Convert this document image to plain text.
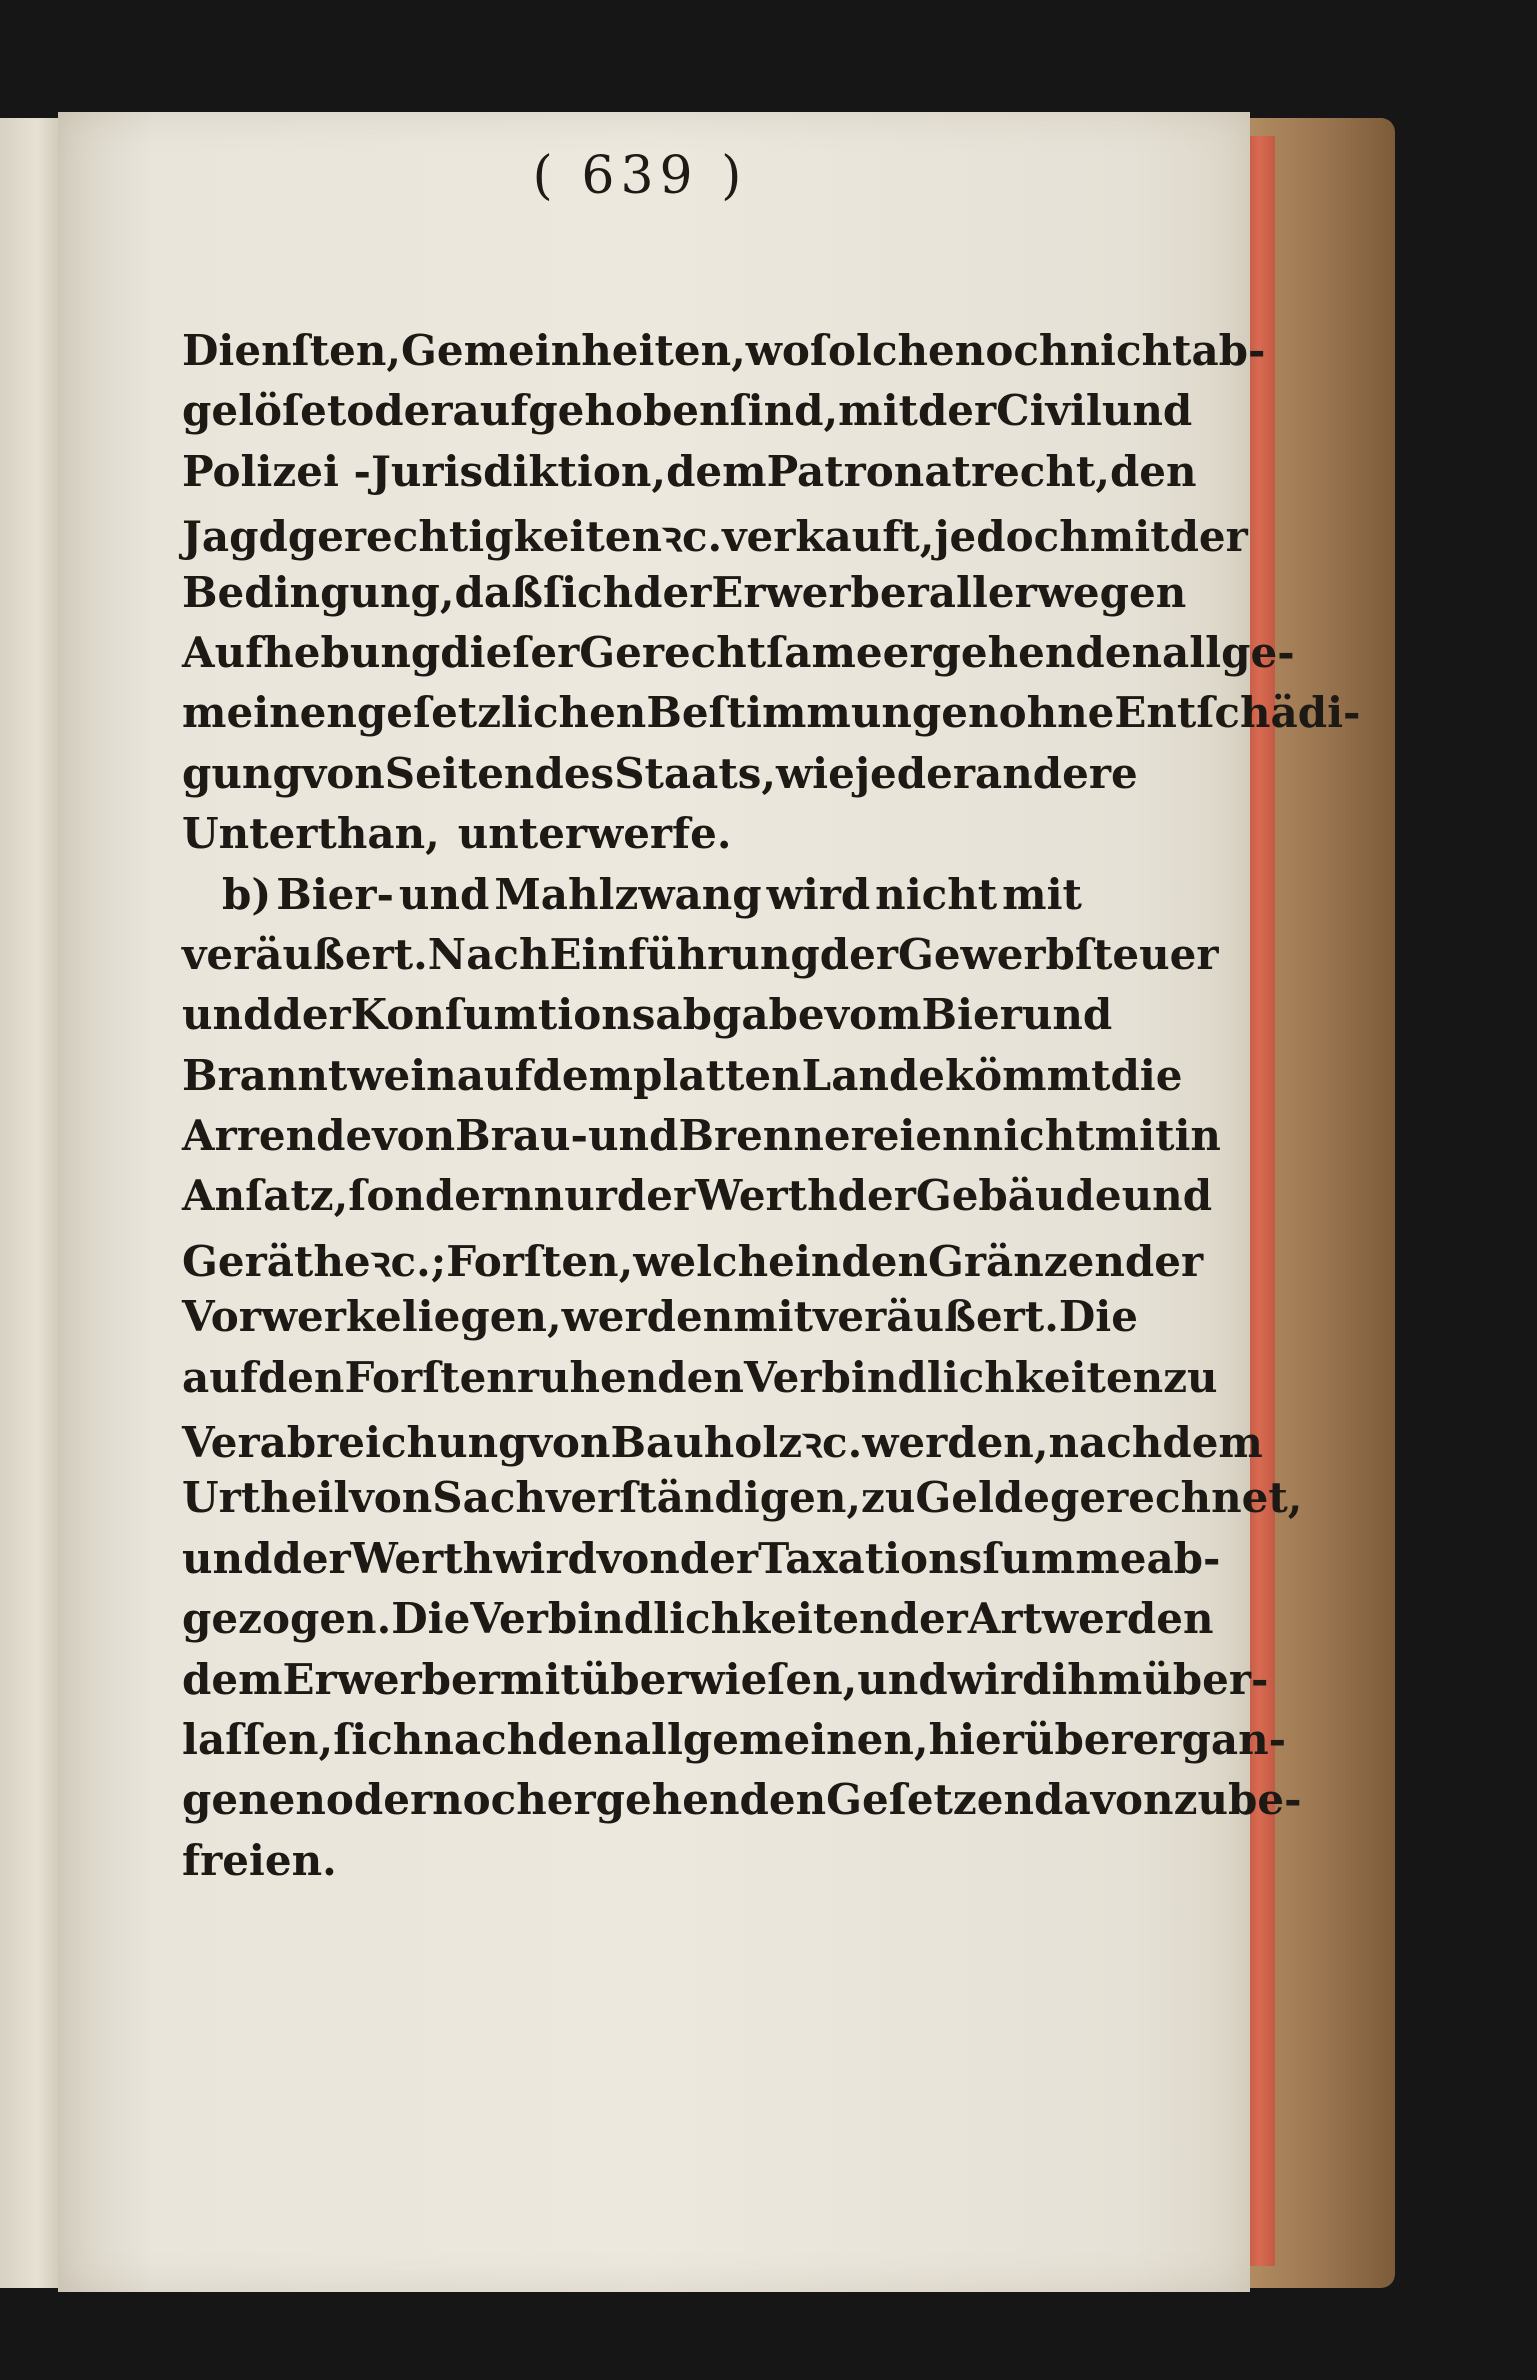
( 639 )
Dienſten, Gemeinheiten, wo ſolche noch nicht ab-
gelöſet oder aufgehoben ſind, mit der Civil und
Polizei - Jurisdiktion, dem Patronatrecht, den
Jagdgerechtigkeiten ꝛc. verkauft, jedoch mit der
Bedingung, daß ſich der Erwerber aller wegen
Aufhebung dieſer Gerechtſame ergehenden allge-
meinen geſetzlichen Beſtimmungen ohne Entſchädi-
gung von Seiten des Staats, wie jeder andere
Unterthan, unterwerfe.
b) Bier- und Mahlzwang wird nicht mit
veräußert. Nach Einführung der Gewerbſteuer
und der Konſumtionsabgabe vom Bier und
Branntwein auf dem platten Lande kömmt die
Arrende von Brau- und Brennereien nicht mit in
Anſatz, ſondern nur der Werth der Gebäude und
Geräthe ꝛc.; Forſten, welche in den Gränzen der
Vorwerke liegen, werden mit veräußert. Die
auf den Forſten ruhenden Verbindlichkeiten zu
Verabreichung von Bauholz ꝛc. werden, nach dem
Urtheil von Sachverſtändigen, zu Gelde gerechnet,
und der Werth wird von der Taxationsſumme ab-
gezogen. Die Verbindlichkeiten der Art werden
dem Erwerber mit überwieſen, und wird ihm über-
laſſen, ſich nach den allgemeinen, hierüber ergan-
genen oder noch ergehenden Geſetzen davon zu be-
freien.
